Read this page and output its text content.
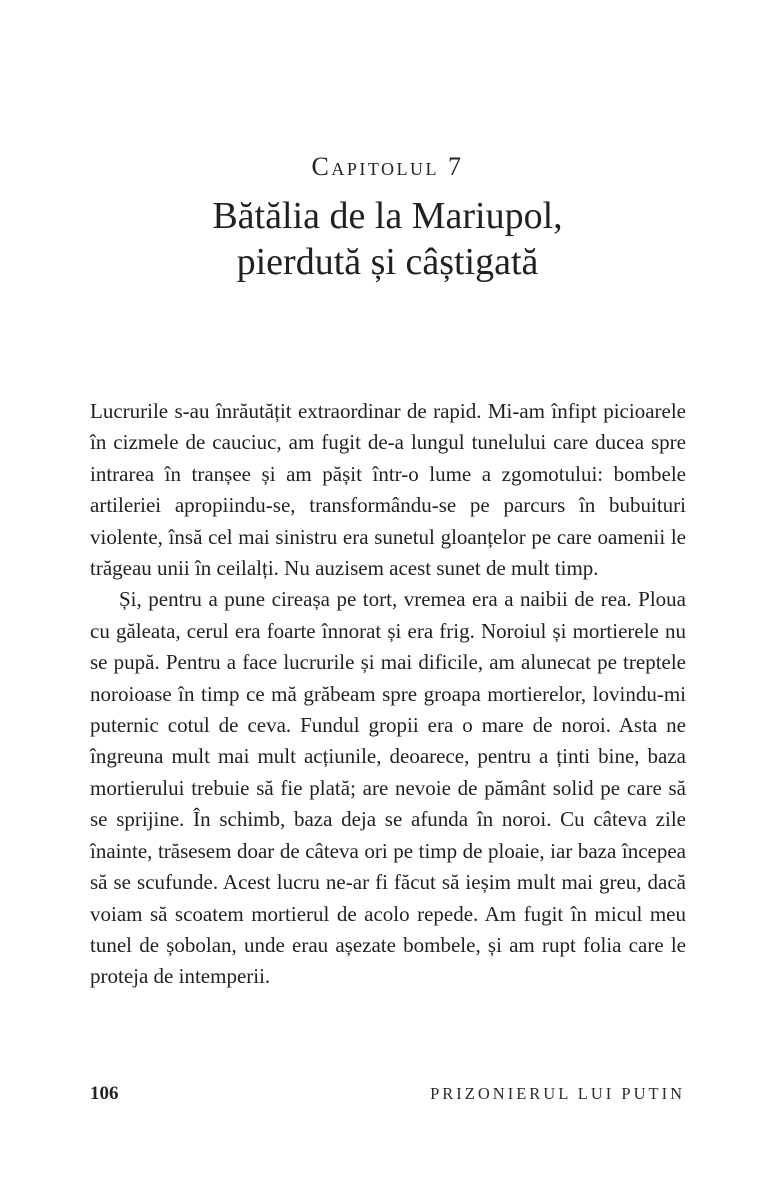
Capitolul 7
Bătălia de la Mariupol,
pierdută și câștigată

Lucrurile s-au înrăutățit extraordinar de rapid. Mi-am înfipt picioarele în cizmele de cauciuc, am fugit de-a lungul tunelului care ducea spre intrarea în tranșee și am pășit într-o lume a zgomotului: bombele artileriei apropiindu-se, transformându-se pe parcurs în bubuituri violente, însă cel mai sinistru era sunetul gloanțelor pe care oamenii le trăgeau unii în ceilalți. Nu auzisem acest sunet de mult timp.

Și, pentru a pune cireașa pe tort, vremea era a naibii de rea. Ploua cu găleata, cerul era foarte înnorat și era frig. Noroiul și mortierele nu se pupă. Pentru a face lucrurile și mai dificile, am alunecat pe treptele noroioase în timp ce mă grăbeam spre groapa mortierelor, lovindu-mi puternic cotul de ceva. Fundul gropii era o mare de noroi. Asta ne îngreuna mult mai mult acțiunile, deoarece, pentru a ținti bine, baza mortierului trebuie să fie plată; are nevoie de pământ solid pe care să se sprijine. În schimb, baza deja se afunda în noroi. Cu câteva zile înainte, trăsesem doar de câteva ori pe timp de ploaie, iar baza începea să se scufunde. Acest lucru ne-ar fi făcut să ieșim mult mai greu, dacă voiam să scoatem mortierul de acolo repede. Am fugit în micul meu tunel de șobolan, unde erau așezate bombele, și am rupt folia care le proteja de intemperii.

106	PRIZONIERUL LUI PUTIN
